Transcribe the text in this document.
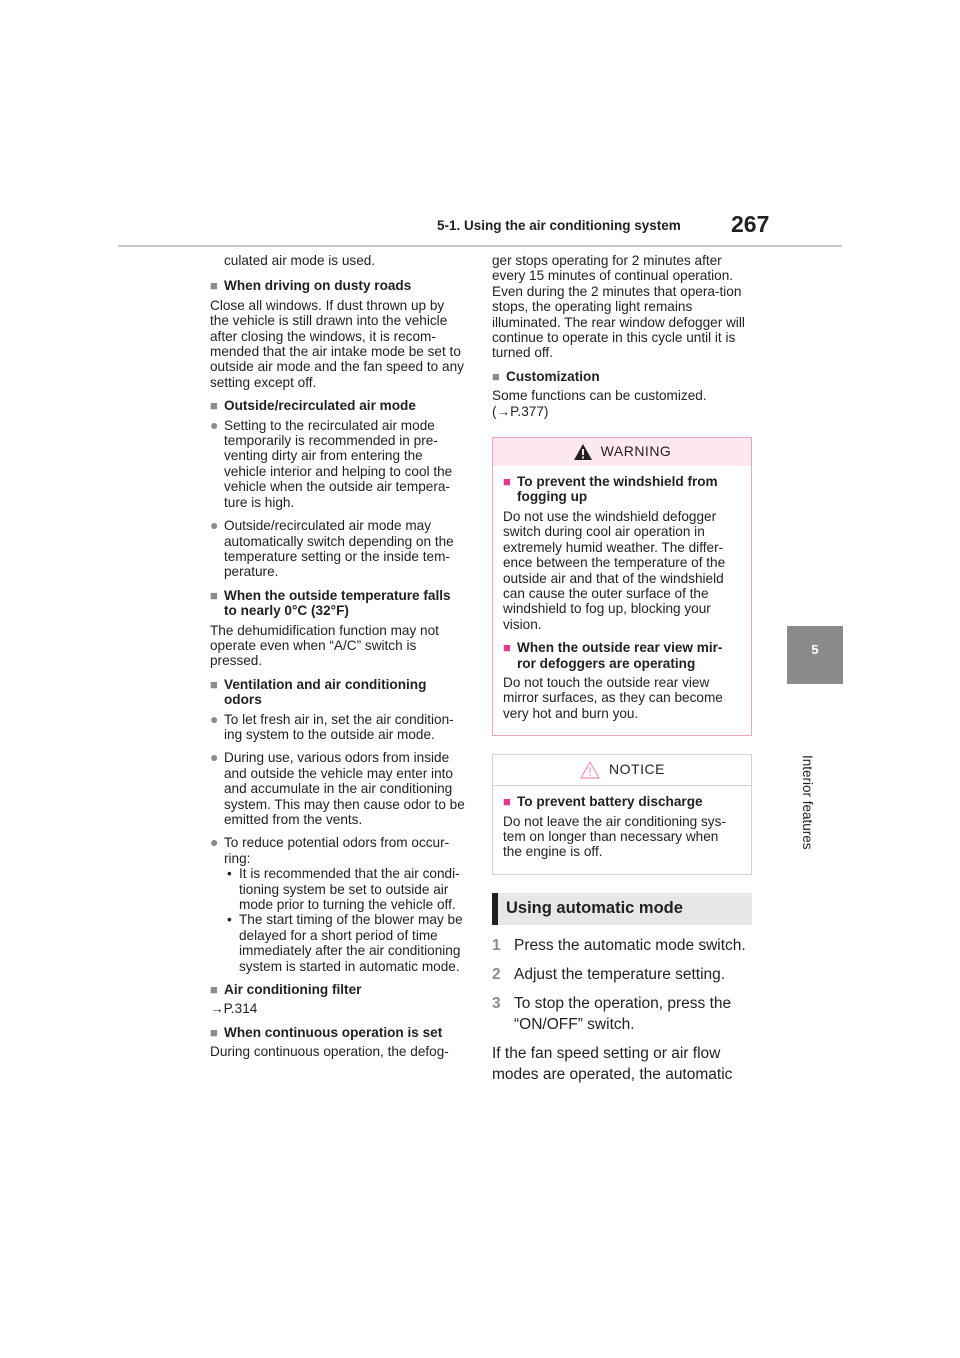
5-1. Using the air conditioning system 267
5
Interior features

culated air mode is used.

■ When driving on dusty roads

Close all windows. If dust thrown up by the vehicle is still drawn into the vehicle after closing the windows, it is recom-mended that the air intake mode be set to outside air mode and the fan speed to any setting except off.

■ Outside/recirculated air mode
● Setting to the recirculated air mode temporarily is recommended in pre-venting dirty air from entering the vehicle interior and helping to cool the vehicle when the outside air tempera-ture is high.
● Outside/recirculated air mode may automatically switch depending on the temperature setting or the inside tem-perature.
■ When the outside temperature falls to nearly 0°C (32°F)

The dehumidification function may not operate even when “A/C” switch is pressed.

■ Ventilation and air conditioning odors
● To let fresh air in, set the air condition-ing system to the outside air mode.
● During use, various odors from inside and outside the vehicle may enter into and accumulate in the air conditioning system. This may then cause odor to be emitted from the vents.
● To reduce potential odors from occur-ring:
• It is recommended that the air condi-tioning system be set to outside air mode prior to turning the vehicle off.
• The start timing of the blower may be delayed for a short period of time immediately after the air conditioning system is started in automatic mode.
■ Air conditioning filter

→P.314

■ When continuous operation is set

During continuous operation, the defog-

ger stops operating for 2 minutes after every 15 minutes of continual operation. Even during the 2 minutes that opera-tion stops, the operating light remains illuminated. The rear window defogger will continue to operate in this cycle until it is turned off.

■ Customization

Some functions can be customized. (→P.377)

WARNING
■ To prevent the windshield from fogging up

Do not use the windshield defogger switch during cool air operation in extremely humid weather. The differ-ence between the temperature of the outside air and that of the windshield can cause the outer surface of the windshield to fog up, blocking your vision.

■ When the outside rear view mir-ror defoggers are operating

Do not touch the outside rear view mirror surfaces, as they can become very hot and burn you.

NOTICE
■ To prevent battery discharge

Do not leave the air conditioning sys-tem on longer than necessary when the engine is off.

Using automatic mode
1 Press the automatic mode switch.
2 Adjust the temperature setting.
3 To stop the operation, press the “ON/OFF” switch.

If the fan speed setting or air flow modes are operated, the automatic
